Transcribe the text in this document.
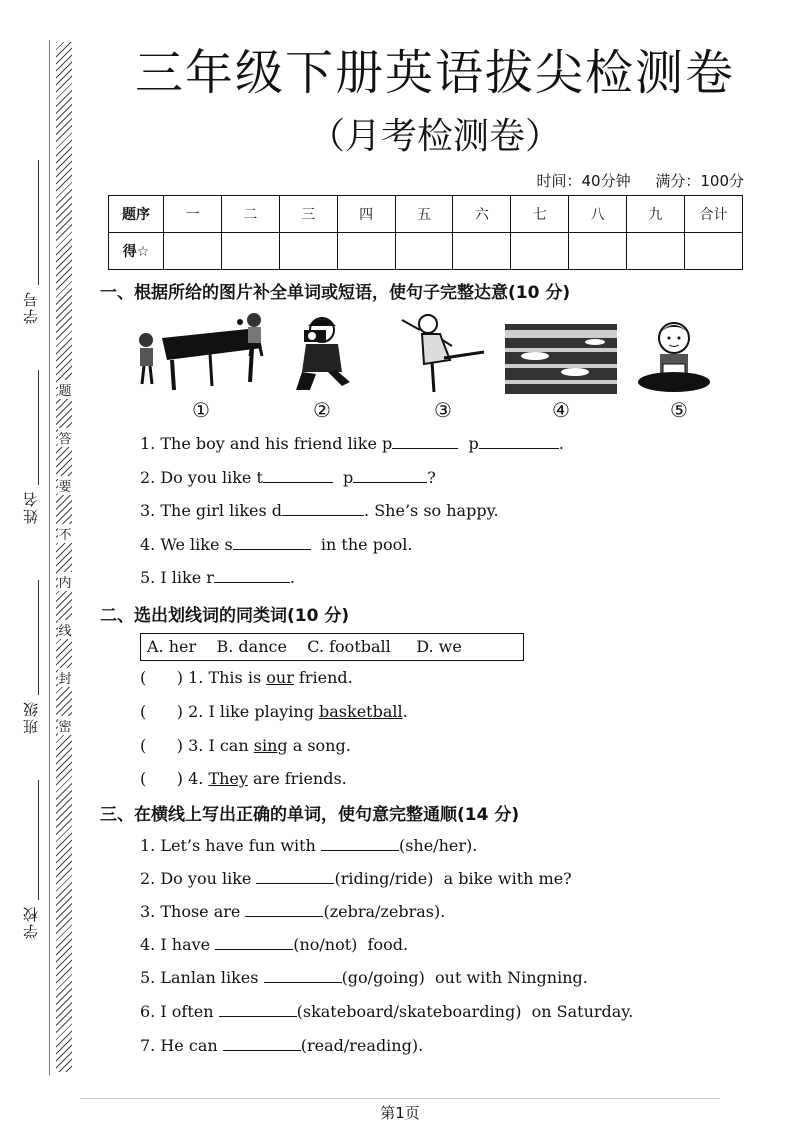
学号
姓名
班级
学校
题
答
要
不
内
线
封
密
三年级下册英语拔尖检测卷
（月考检测卷）
时间：40分钟 满分：100分
题序	一	二	三	四	五	六	七	八	九	合计
得☆										
一、根据所给的图片补全单词或短语，使句子完整达意(10 分)
①	②	③	④	⑤
1. The boy and his friend like p	p	.
2. Do you like t	p	?
3. The girl likes d	. She’s so happy.
4. We like s	in the pool.
5. I like r	.
二、选出划线词的同类词(10 分)
A. her    B. dance    C. football     D. we
(      ) 1. This is our friend.
(      ) 2. I like playing basketball.
(      ) 3. I can sing a song.
(      ) 4. They are friends.
三、在横线上写出正确的单词，使句意完整通顺(14 分)
1. Let’s have fun with	(she/her).
2. Do you like	(riding/ride)  a bike with me?
3. Those are	(zebra/zebras).
4. I have	(no/not)  food.
5. Lanlan likes	(go/going)  out with Ningning.
6. I often	(skateboard/skateboarding)  on Saturday.
7. He can	(read/reading).
第1页
